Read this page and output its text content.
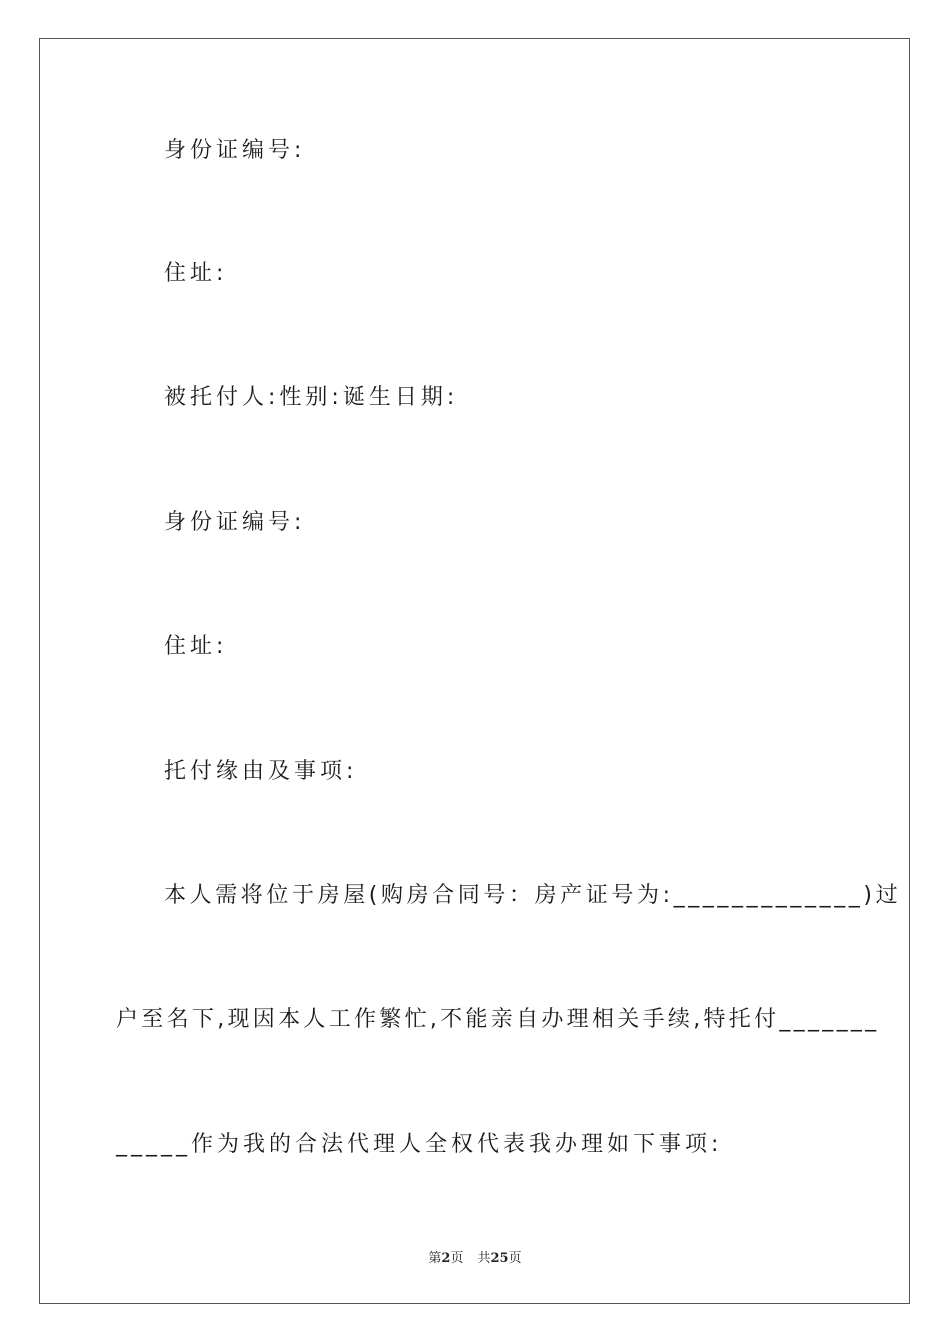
身份证编号:
住址:
被托付人:性别:诞生日期:
身份证编号:
住址:
托付缘由及事项:
本人需将位于房屋(购房合同号：房产证号为:_____________)过
户至名下,现因本人工作繁忙,不能亲自办理相关手续,特托付_______
_____作为我的合法代理人全权代表我办理如下事项:
第2页 共25页
